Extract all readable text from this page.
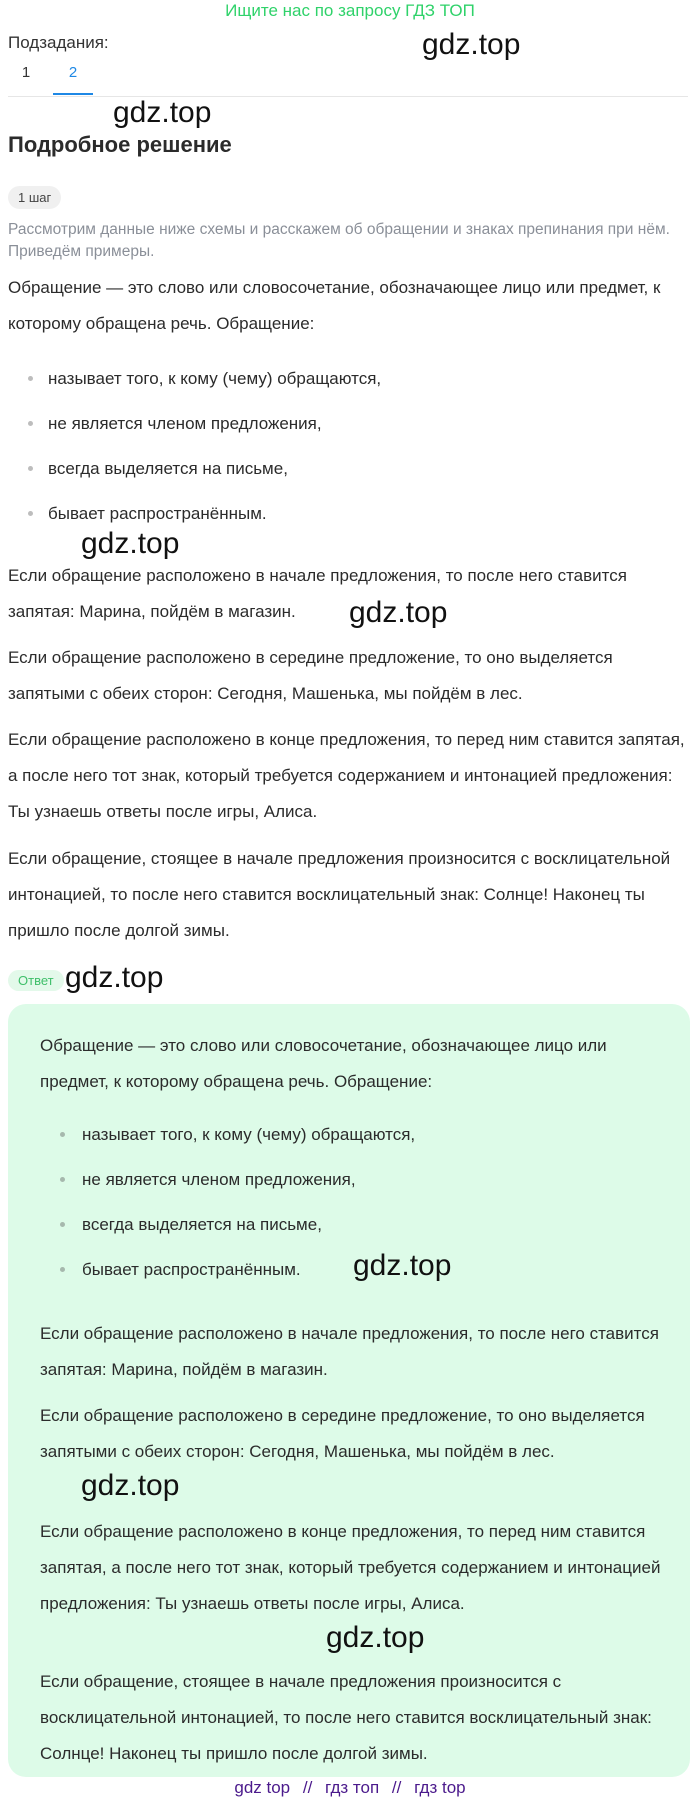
Ищите нас по запросу ГДЗ ТОП
Подзадания:
1	2
gdz.top
gdz.top
gdz.top
gdz.top
gdz.top
Подробное решение
1 шаг
Рассмотрим данные ниже схемы и расскажем об обращении и знаках препинания при нём. Приведём примеры.
Обращение — это слово или словосочетание, обозначающее лицо или предмет, к которому обращена речь. Обращение:
называет того, к кому (чему) обращаются,
не является членом предложения,
всегда выделяется на письме,
бывает распространённым.
Если обращение расположено в начале предложения, то после него ставится запятая: Марина, пойдём в магазин.
Если обращение расположено в середине предложение, то оно выделяется запятыми с обеих сторон: Сегодня, Машенька, мы пойдём в лес.
Если обращение расположено в конце предложения, то перед ним ставится запятая, а после него тот знак, который требуется содержанием и интонацией предложения: Ты узнаешь ответы после игры, Алиса.
Если обращение, стоящее в начале предложения произносится с восклицательной интонацией, то после него ставится восклицательный знак: Солнце! Наконец ты пришло после долгой зимы.
Ответ
Обращение — это слово или словосочетание, обозначающее лицо или предмет, к которому обращена речь. Обращение:
называет того, к кому (чему) обращаются,
не является членом предложения,
всегда выделяется на письме,
бывает распространённым.
Если обращение расположено в начале предложения, то после него ставится запятая: Марина, пойдём в магазин.
Если обращение расположено в середине предложение, то оно выделяется запятыми с обеих сторон: Сегодня, Машенька, мы пойдём в лес.
Если обращение расположено в конце предложения, то перед ним ставится запятая, а после него тот знак, который требуется содержанием и интонацией предложения: Ты узнаешь ответы после игры, Алиса.
Если обращение, стоящее в начале предложения произносится с восклицательной интонацией, то после него ставится восклицательный знак: Солнце! Наконец ты пришло после долгой зимы.
gdz.top
gdz.top
gdz.top
gdz top // гдз топ // гдз top
